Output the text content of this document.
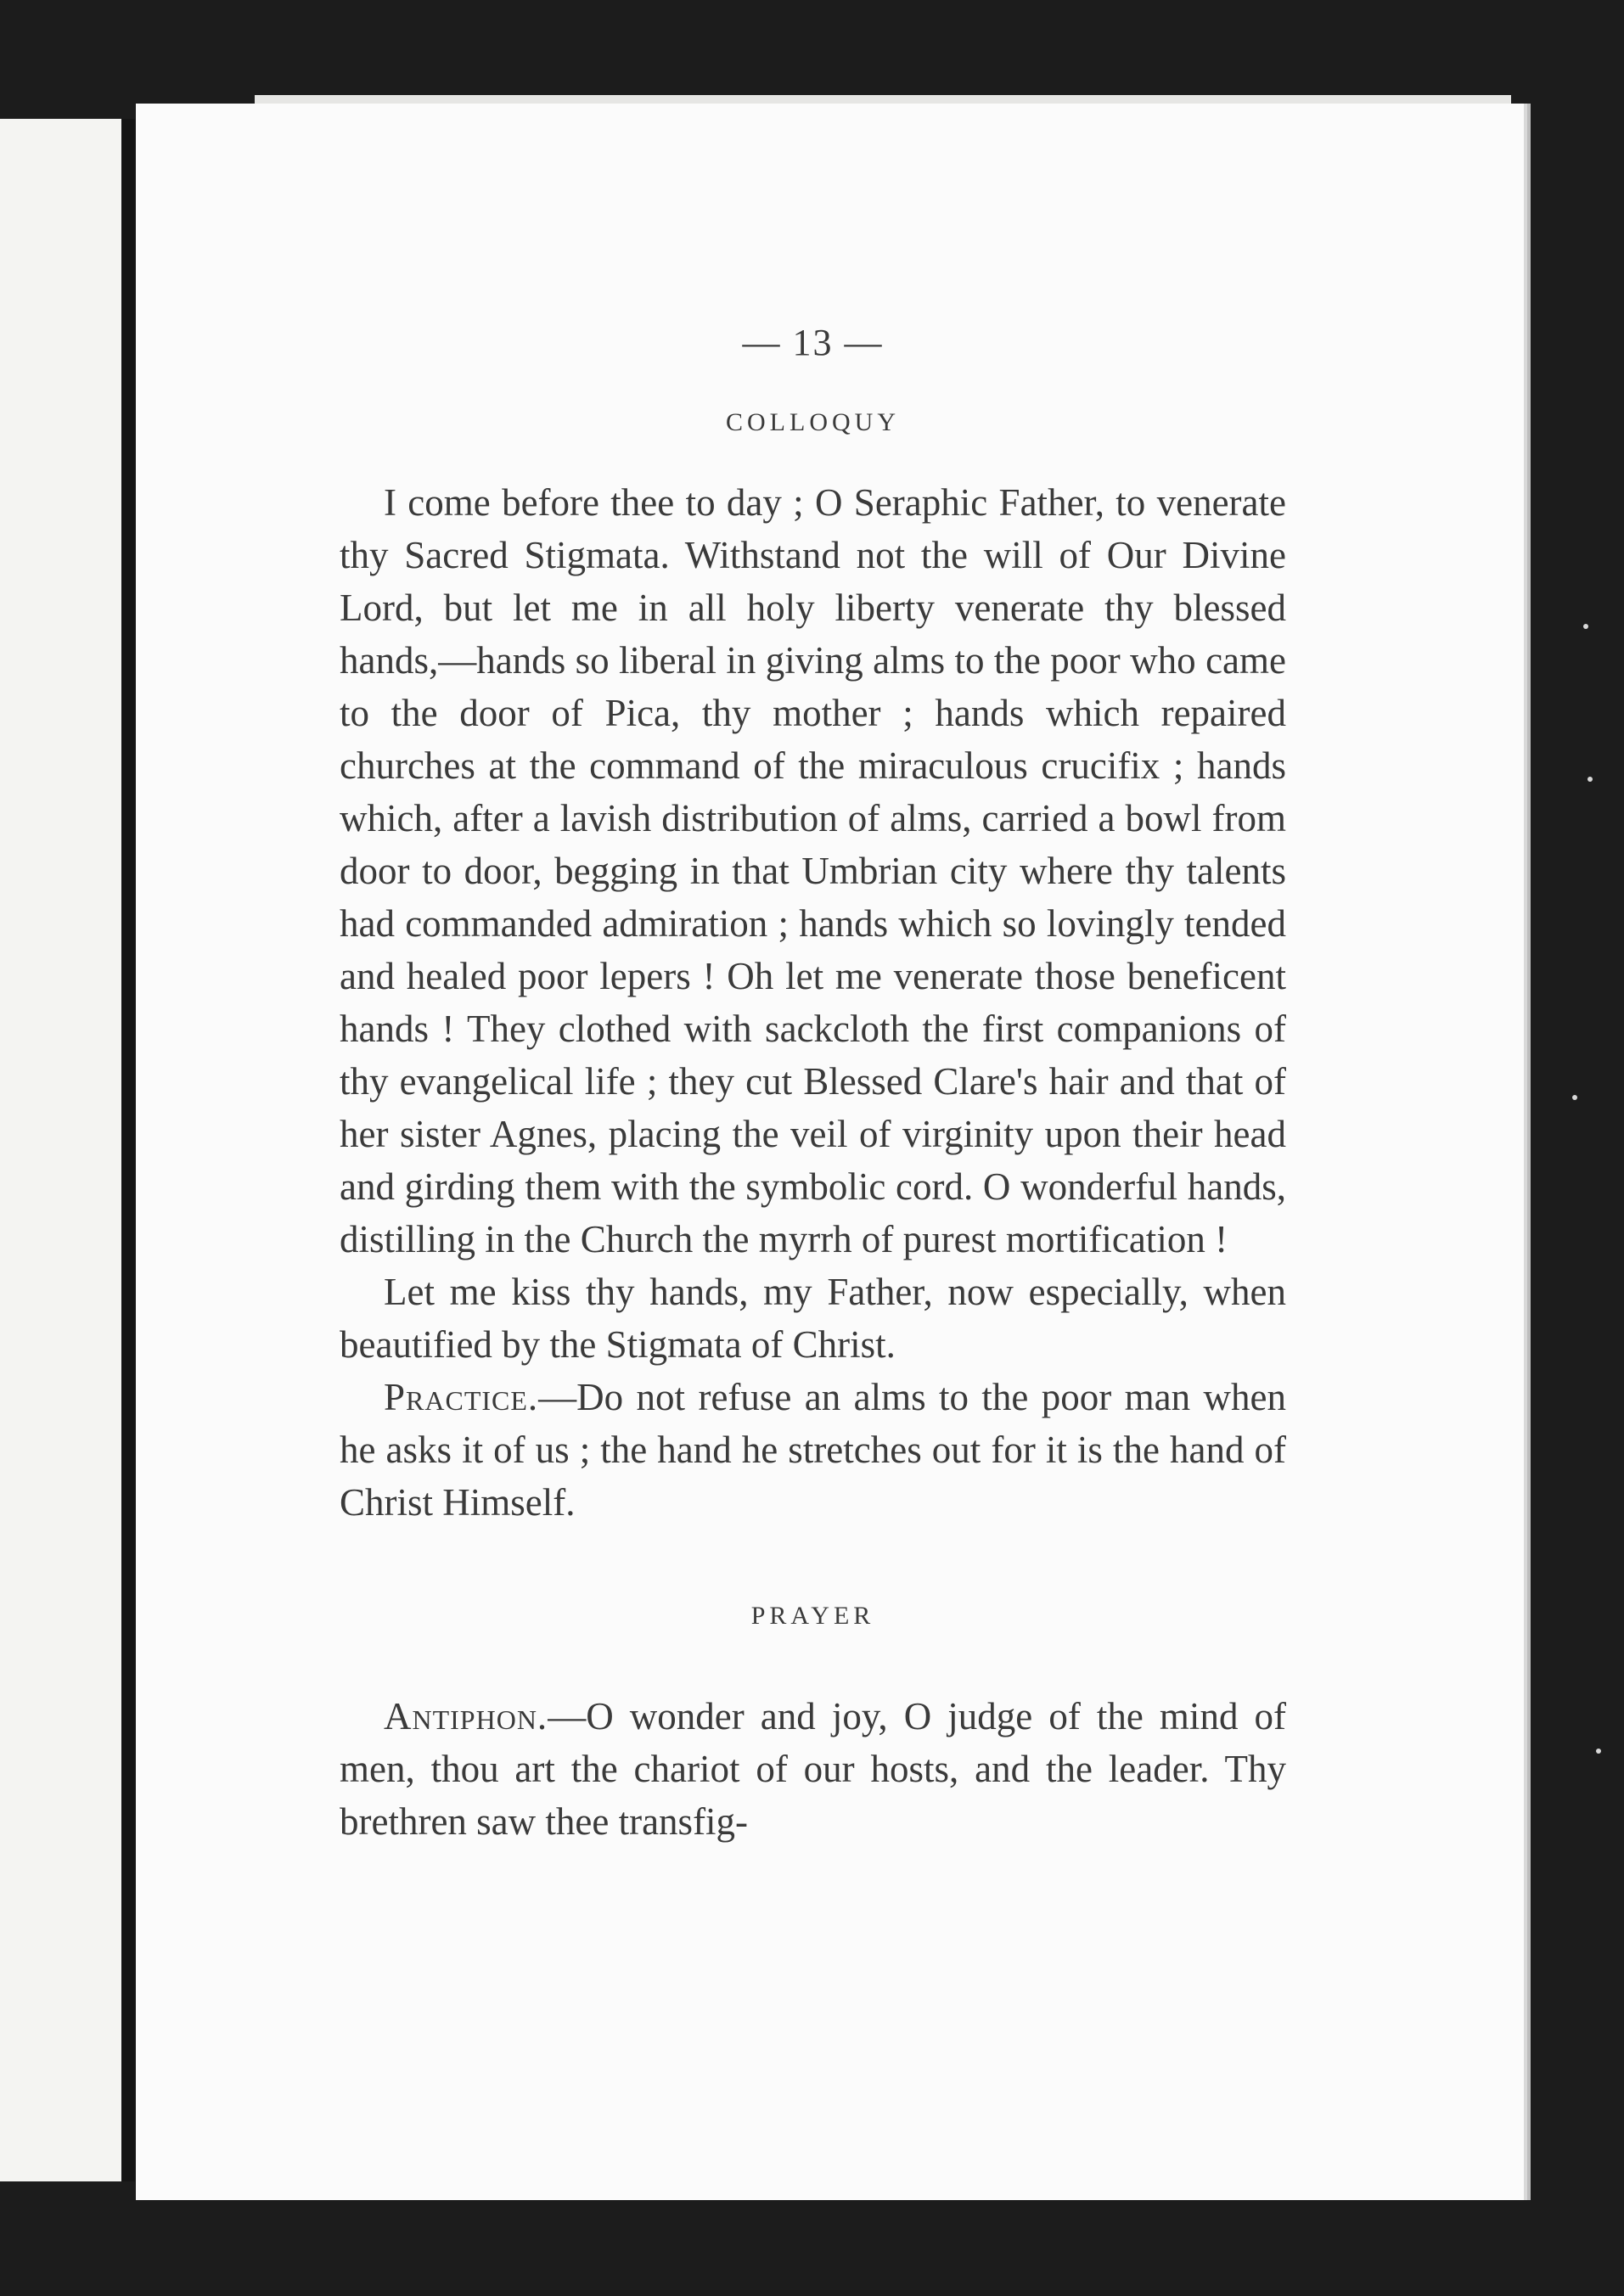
— 13 —
COLLOQUY

I come before thee to day ; O Seraphic Father, to venerate thy Sacred Stigmata. Withstand not the will of Our Divine Lord, but let me in all holy liberty venerate thy blessed hands,—hands so liberal in giving alms to the poor who came to the door of Pica, thy mother ; hands which repaired churches at the command of the miraculous crucifix ; hands which, after a lavish distribution of alms, carried a bowl from door to door, begging in that Umbrian city where thy talents had commanded admiration ; hands which so lovingly tended and healed poor lepers ! Oh let me venerate those beneficent hands ! They clothed with sackcloth the first companions of thy evangelical life ; they cut Blessed Clare's hair and that of her sister Agnes, placing the veil of virginity upon their head and girding them with the symbolic cord. O wonderful hands, distilling in the Church the myrrh of purest mortification !

Let me kiss thy hands, my Father, now especially, when beautified by the Stigmata of Christ.

Practice.—Do not refuse an alms to the poor man when he asks it of us ; the hand he stretches out for it is the hand of Christ Himself.

PRAYER

Antiphon.—O wonder and joy, O judge of the mind of men, thou art the chariot of our hosts, and the leader. Thy brethren saw thee transfig-
